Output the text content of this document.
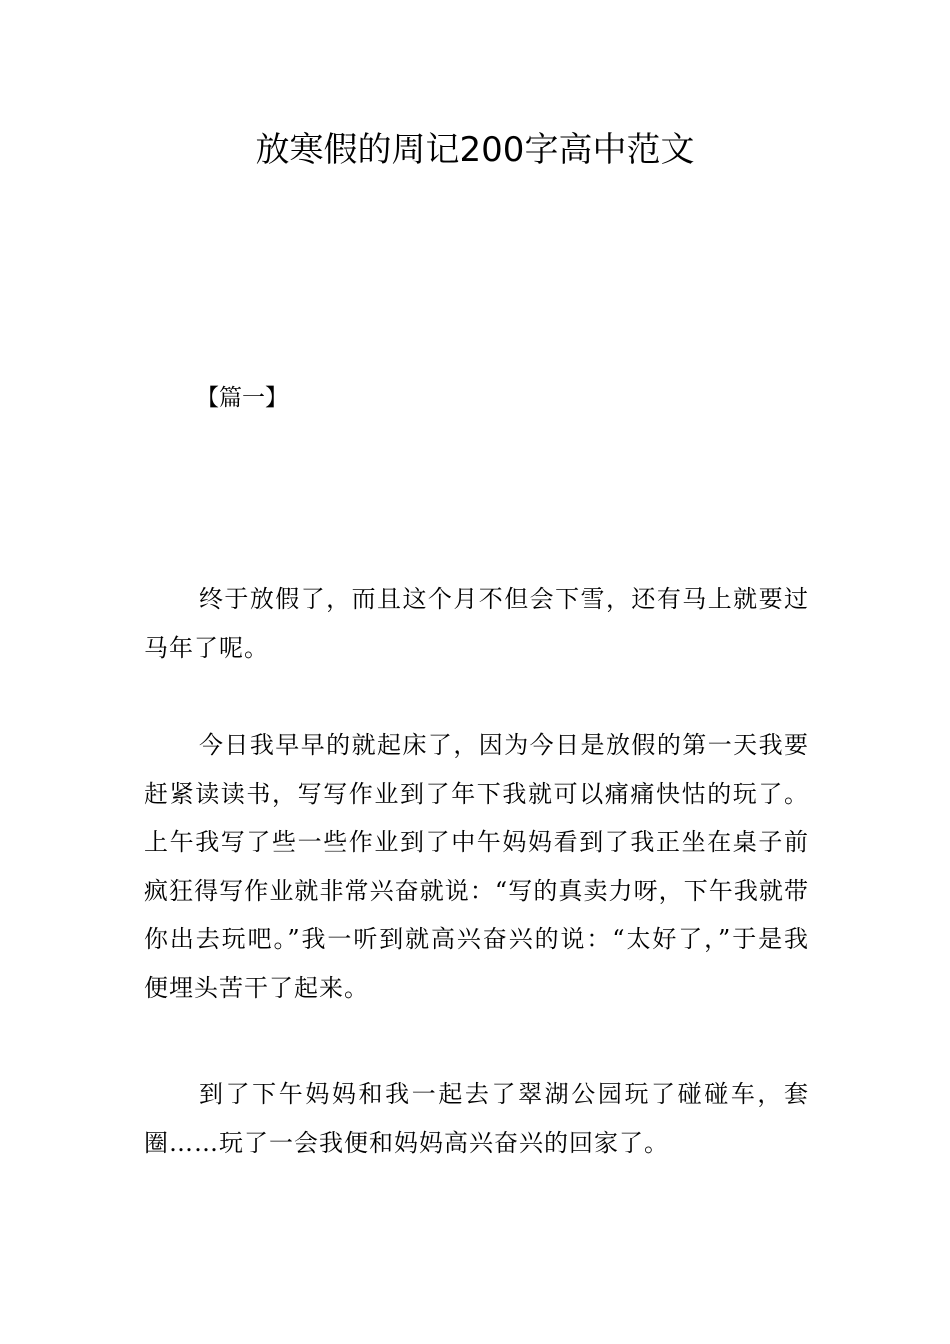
放寒假的周记200字高中范文

【篇一】

终于放假了，而且这个月不但会下雪，还有马上就要过马年了呢。

今日我早早的就起床了，因为今日是放假的第一天我要赶紧读读书，写写作业到了年下我就可以痛痛快怙的玩了。上午我写了些一些作业到了中午妈妈看到了我正坐在桌子前疯狂得写作业就非常兴奋就说：“写的真卖力呀，下午我就带你出去玩吧。”我一听到就高兴奋兴的说：“太好了，”于是我便埋头苦干了起来。

到了下午妈妈和我一起去了翠湖公园玩了碰碰车，套圈……玩了一会我便和妈妈高兴奋兴的回家了。
